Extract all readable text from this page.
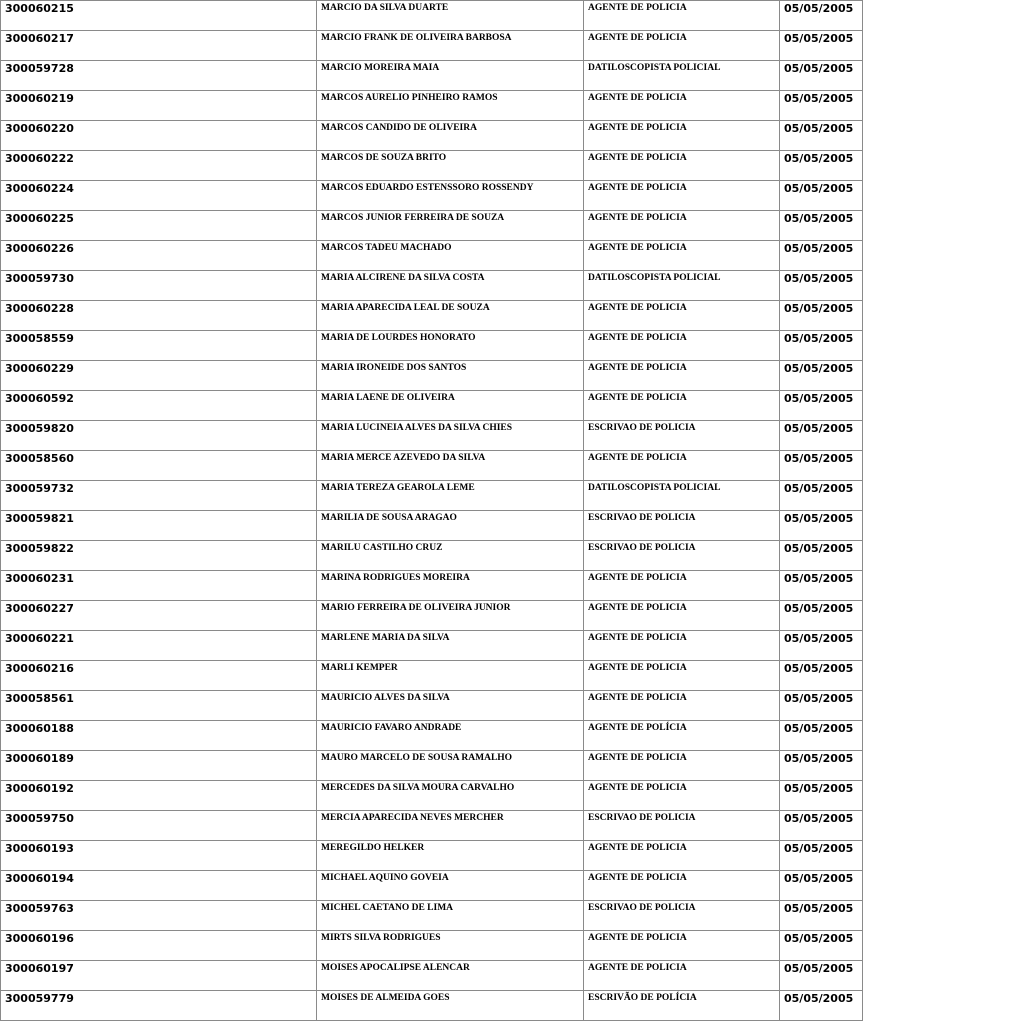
300060215	MARCIO DA SILVA DUARTE	AGENTE DE POLICIA	05/05/2005
300060217	MARCIO FRANK DE OLIVEIRA BARBOSA	AGENTE DE POLICIA	05/05/2005
300059728	MARCIO MOREIRA MAIA	DATILOSCOPISTA POLICIAL	05/05/2005
300060219	MARCOS AURELIO PINHEIRO RAMOS	AGENTE DE POLICIA	05/05/2005
300060220	MARCOS CANDIDO DE OLIVEIRA	AGENTE DE POLICIA	05/05/2005
300060222	MARCOS DE SOUZA BRITO	AGENTE DE POLICIA	05/05/2005
300060224	MARCOS EDUARDO ESTENSSORO ROSSENDY	AGENTE DE POLICIA	05/05/2005
300060225	MARCOS JUNIOR FERREIRA DE SOUZA	AGENTE DE POLICIA	05/05/2005
300060226	MARCOS TADEU MACHADO	AGENTE DE POLICIA	05/05/2005
300059730	MARIA ALCIRENE DA SILVA COSTA	DATILOSCOPISTA POLICIAL	05/05/2005
300060228	MARIA APARECIDA LEAL DE SOUZA	AGENTE DE POLICIA	05/05/2005
300058559	MARIA DE LOURDES HONORATO	AGENTE DE POLICIA	05/05/2005
300060229	MARIA IRONEIDE DOS SANTOS	AGENTE DE POLICIA	05/05/2005
300060592	MARIA LAENE DE OLIVEIRA	AGENTE DE POLICIA	05/05/2005
300059820	MARIA LUCINEIA ALVES DA SILVA CHIES	ESCRIVAO DE POLICIA	05/05/2005
300058560	MARIA MERCE AZEVEDO DA SILVA	AGENTE DE POLICIA	05/05/2005
300059732	MARIA TEREZA GEAROLA LEME	DATILOSCOPISTA POLICIAL	05/05/2005
300059821	MARILIA DE SOUSA ARAGAO	ESCRIVAO DE POLICIA	05/05/2005
300059822	MARILU CASTILHO CRUZ	ESCRIVAO DE POLICIA	05/05/2005
300060231	MARINA RODRIGUES MOREIRA	AGENTE DE POLICIA	05/05/2005
300060227	MARIO FERREIRA DE OLIVEIRA JUNIOR	AGENTE DE POLICIA	05/05/2005
300060221	MARLENE MARIA DA SILVA	AGENTE DE POLICIA	05/05/2005
300060216	MARLI KEMPER	AGENTE DE POLICIA	05/05/2005
300058561	MAURICIO ALVES DA SILVA	AGENTE DE POLICIA	05/05/2005
300060188	MAURICIO FAVARO ANDRADE	AGENTE DE POLÍCIA	05/05/2005
300060189	MAURO MARCELO DE SOUSA RAMALHO	AGENTE DE POLICIA	05/05/2005
300060192	MERCEDES DA SILVA MOURA CARVALHO	AGENTE DE POLICIA	05/05/2005
300059750	MERCIA APARECIDA NEVES MERCHER	ESCRIVAO DE POLICIA	05/05/2005
300060193	MEREGILDO HELKER	AGENTE DE POLICIA	05/05/2005
300060194	MICHAEL AQUINO GOVEIA	AGENTE DE POLICIA	05/05/2005
300059763	MICHEL CAETANO DE LIMA	ESCRIVAO DE POLICIA	05/05/2005
300060196	MIRTS SILVA RODRIGUES	AGENTE DE POLICIA	05/05/2005
300060197	MOISES APOCALIPSE ALENCAR	AGENTE DE POLICIA	05/05/2005
300059779	MOISES DE ALMEIDA GOES	ESCRIVÃO DE POLÍCIA	05/05/2005
